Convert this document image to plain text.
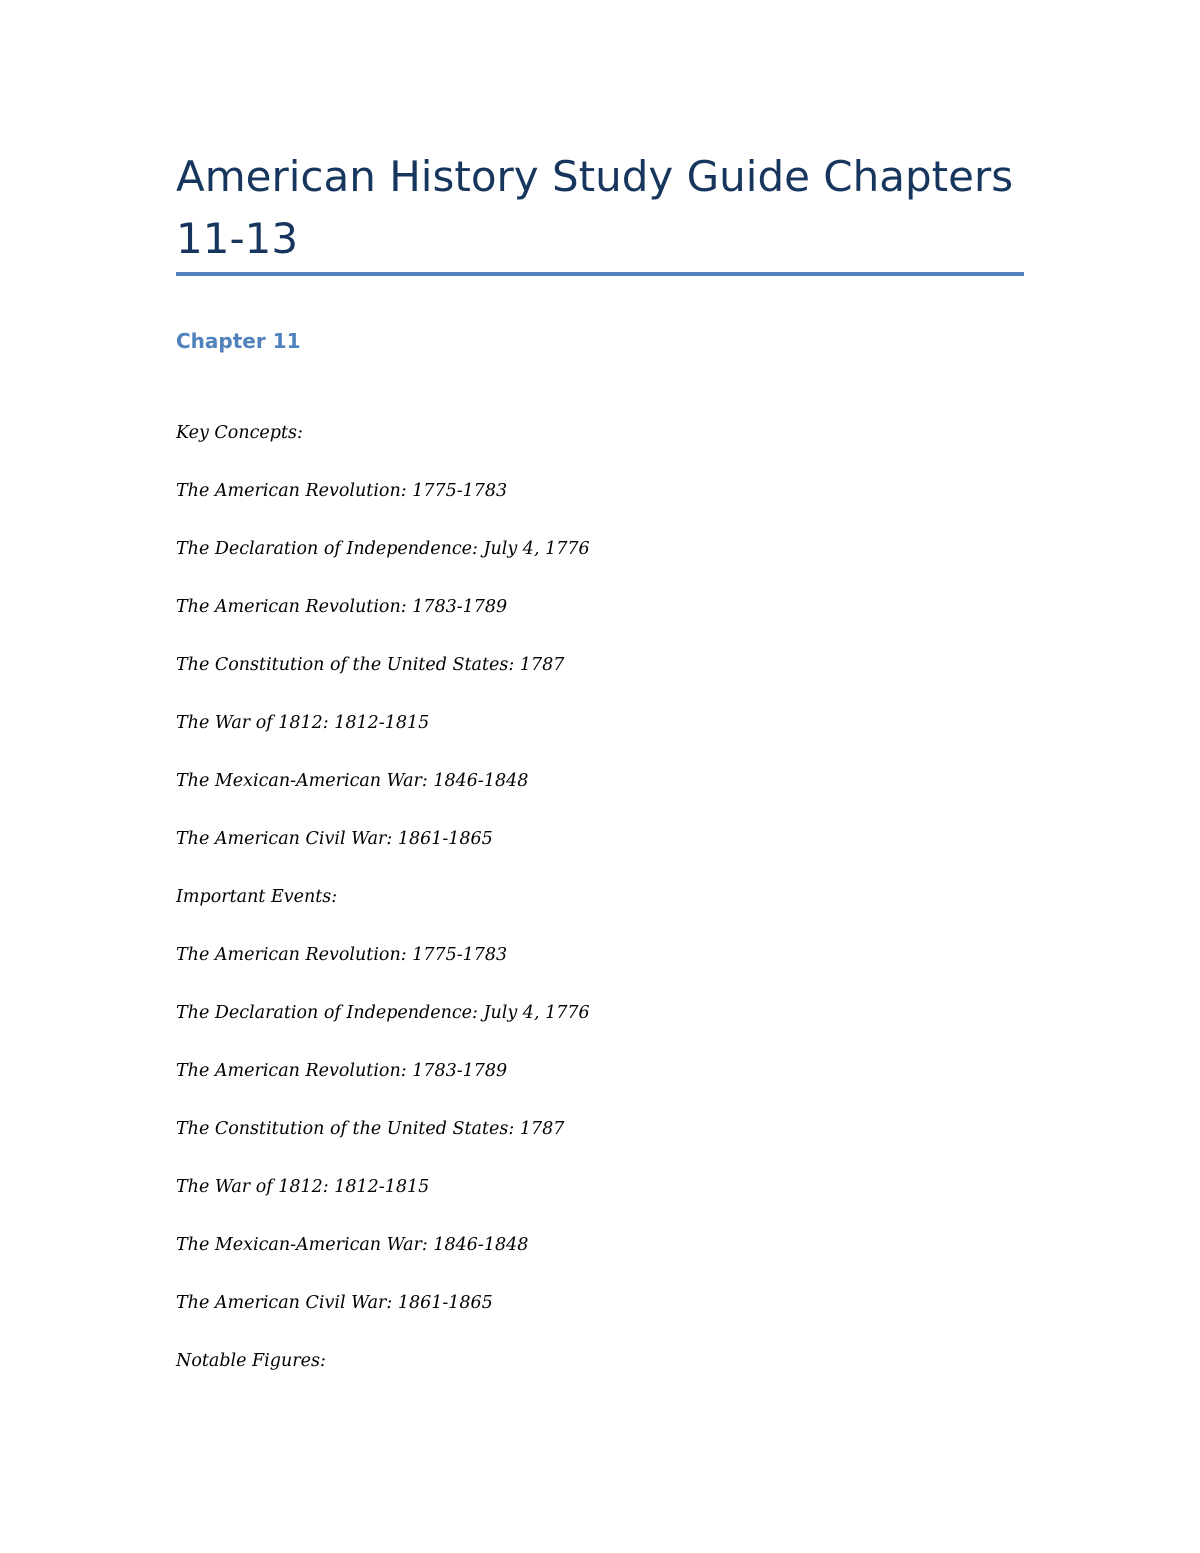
American History Study Guide Chapters 11-13
Chapter 11
Key Concepts:
The American Revolution: 1775-1783
The Declaration of Independence: July 4, 1776
The American Revolution: 1783-1789
The Constitution of the United States: 1787
The War of 1812: 1812-1815
The Mexican-American War: 1846-1848
The American Civil War: 1861-1865
Important Events:
The American Revolution: 1775-1783
The Declaration of Independence: July 4, 1776
The American Revolution: 1783-1789
The Constitution of the United States: 1787
The War of 1812: 1812-1815
The Mexican-American War: 1846-1848
The American Civil War: 1861-1865
Notable Figures:
